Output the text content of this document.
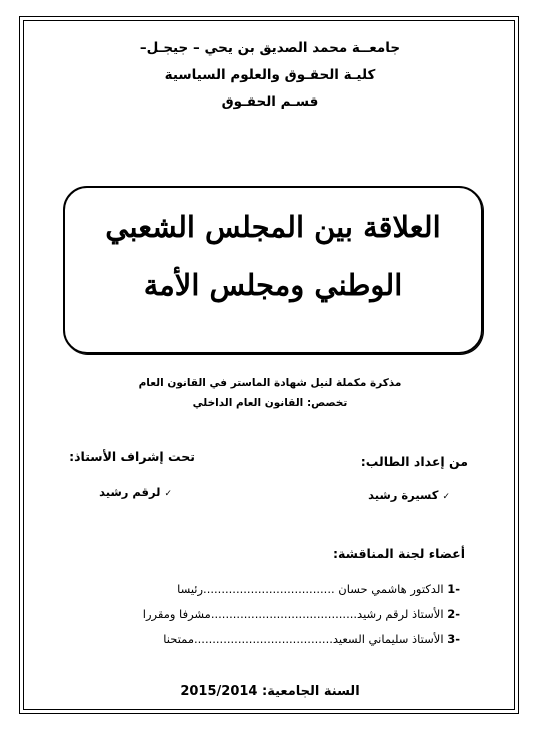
جامعــة محمد الصديق بن يحي – جيجـل–
كليـة الحقـوق والعلوم السياسية
قسـم الحقـوق
العلاقة بين المجلس الشعبي
الوطني ومجلس الأمة
مذكرة مكملة لنيل شهادة الماستر في القانون العام
تخصص: القانون العام الداخلي
من إعداد الطالب:
تحت إشراف الأستاذ:
✓ كسيرة رشيد
✓ لرقم رشيد
أعضاء لجنة المناقشة:
-1 الدكتور هاشمي حسان ....................................رئيسا
-2 الأستاذ لرقم رشيد........................................مشرفا ومقررا
-3 الأستاذ سليماني السعيد......................................ممتحنا
السنة الجامعية: 2015/2014
